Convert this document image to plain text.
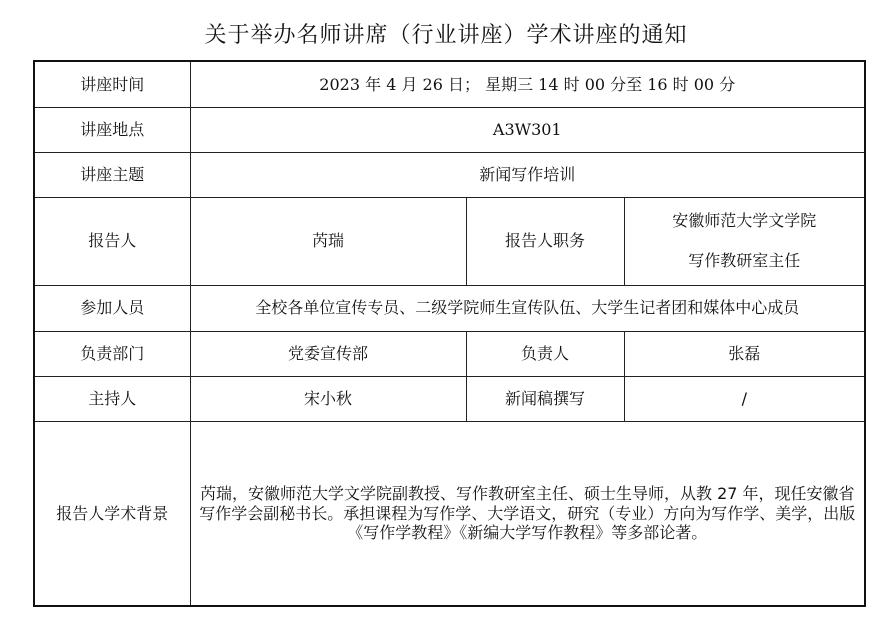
关于举办名师讲席（行业讲座）学术讲座的通知
讲座时间	2023 年 4 月 26 日； 星期三 14 时 00 分至 16 时 00 分		
讲座地点	A3W301		
讲座主题	新闻写作培训		
报告人	芮瑞	报告人职务	安徽师范大学文学院
写作教研室主任

参加人员	全校各单位宣传专员、二级学院师生宣传队伍、大学生记者团和媒体中心成员		
负责部门	党委宣传部	负责人	张磊
主持人	宋小秋	新闻稿撰写	/
报告人学术背景	芮瑞，安徽师范大学文学院副教授、写作教研室主任、硕士生导师，从教 27 年，现任安徽省写作学会副秘书长。承担课程为写作学、大学语文，研究（专业）方向为写作学、美学，出版《写作学教程》《新编大学写作教程》等多部论著。		
